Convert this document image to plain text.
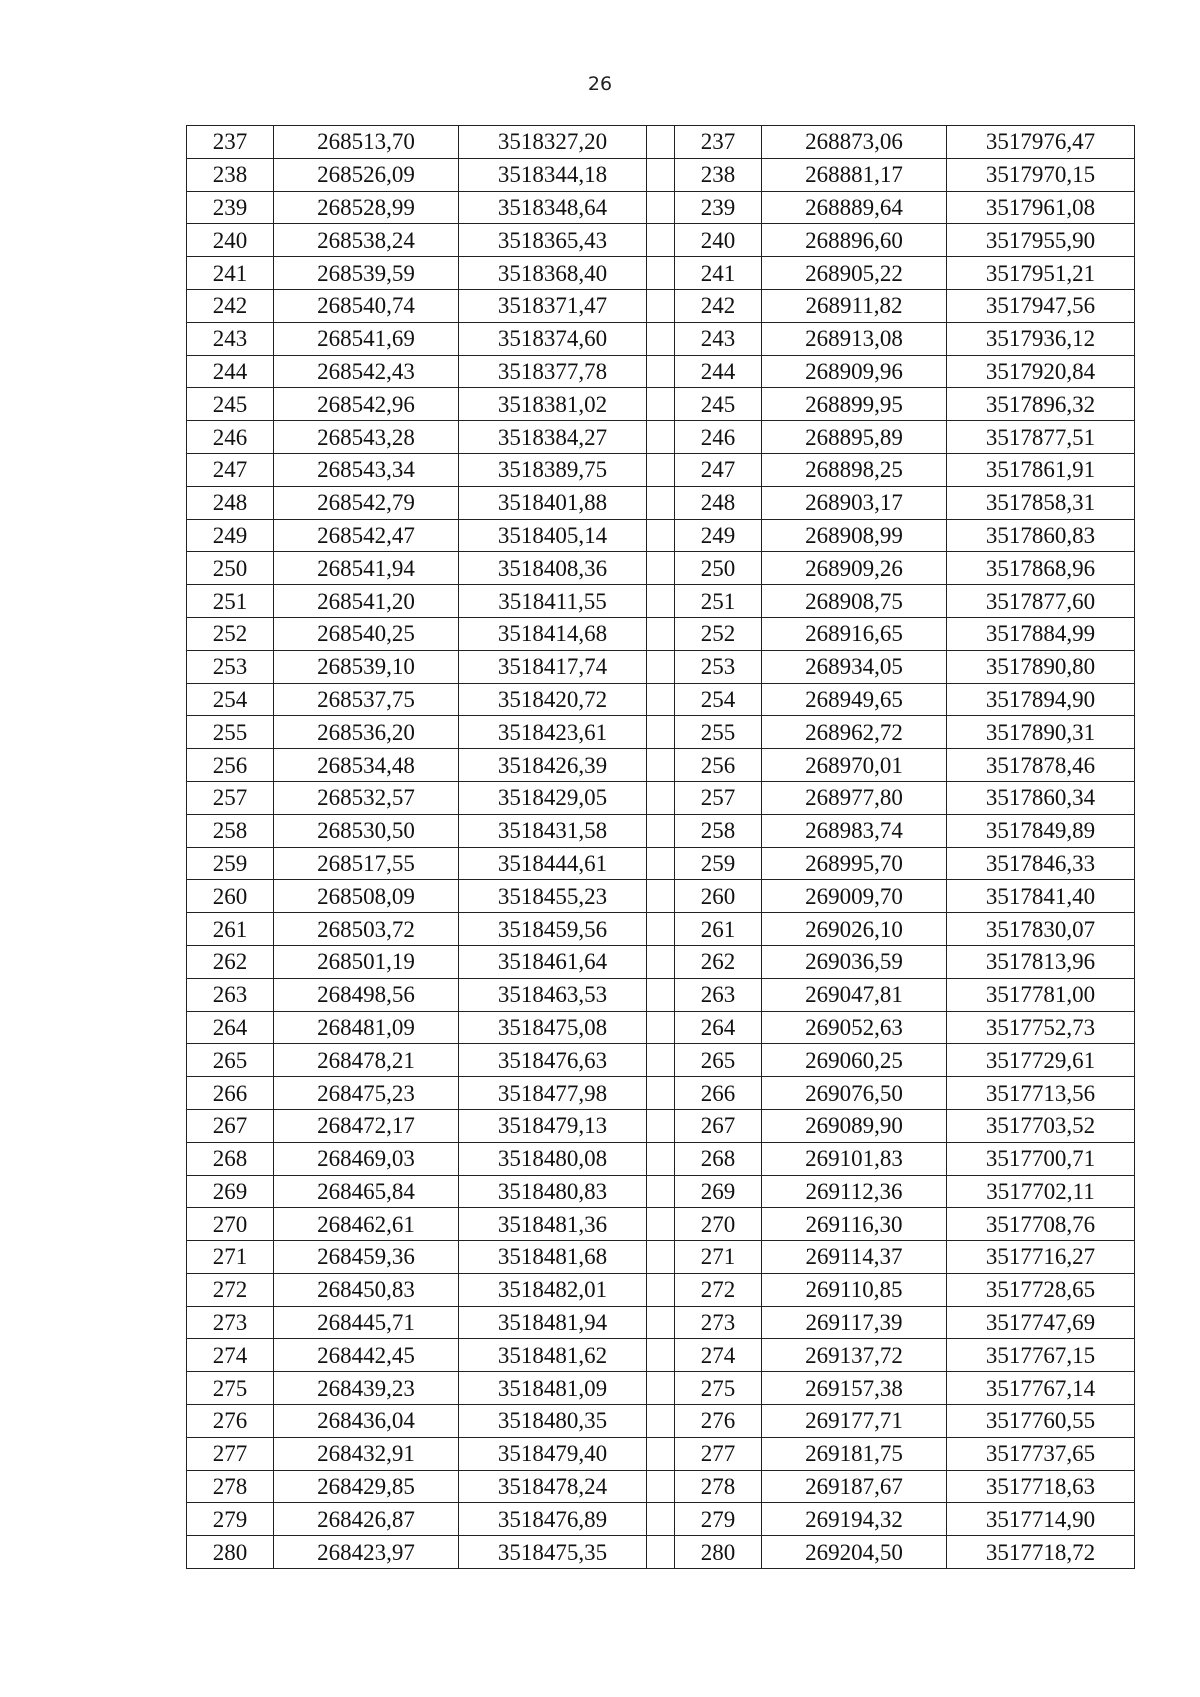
26
237	268513,70	3518327,20		237	268873,06	3517976,47
238	268526,09	3518344,18		238	268881,17	3517970,15
239	268528,99	3518348,64		239	268889,64	3517961,08
240	268538,24	3518365,43		240	268896,60	3517955,90
241	268539,59	3518368,40		241	268905,22	3517951,21
242	268540,74	3518371,47		242	268911,82	3517947,56
243	268541,69	3518374,60		243	268913,08	3517936,12
244	268542,43	3518377,78		244	268909,96	3517920,84
245	268542,96	3518381,02		245	268899,95	3517896,32
246	268543,28	3518384,27		246	268895,89	3517877,51
247	268543,34	3518389,75		247	268898,25	3517861,91
248	268542,79	3518401,88		248	268903,17	3517858,31
249	268542,47	3518405,14		249	268908,99	3517860,83
250	268541,94	3518408,36		250	268909,26	3517868,96
251	268541,20	3518411,55		251	268908,75	3517877,60
252	268540,25	3518414,68		252	268916,65	3517884,99
253	268539,10	3518417,74		253	268934,05	3517890,80
254	268537,75	3518420,72		254	268949,65	3517894,90
255	268536,20	3518423,61		255	268962,72	3517890,31
256	268534,48	3518426,39		256	268970,01	3517878,46
257	268532,57	3518429,05		257	268977,80	3517860,34
258	268530,50	3518431,58		258	268983,74	3517849,89
259	268517,55	3518444,61		259	268995,70	3517846,33
260	268508,09	3518455,23		260	269009,70	3517841,40
261	268503,72	3518459,56		261	269026,10	3517830,07
262	268501,19	3518461,64		262	269036,59	3517813,96
263	268498,56	3518463,53		263	269047,81	3517781,00
264	268481,09	3518475,08		264	269052,63	3517752,73
265	268478,21	3518476,63		265	269060,25	3517729,61
266	268475,23	3518477,98		266	269076,50	3517713,56
267	268472,17	3518479,13		267	269089,90	3517703,52
268	268469,03	3518480,08		268	269101,83	3517700,71
269	268465,84	3518480,83		269	269112,36	3517702,11
270	268462,61	3518481,36		270	269116,30	3517708,76
271	268459,36	3518481,68		271	269114,37	3517716,27
272	268450,83	3518482,01		272	269110,85	3517728,65
273	268445,71	3518481,94		273	269117,39	3517747,69
274	268442,45	3518481,62		274	269137,72	3517767,15
275	268439,23	3518481,09		275	269157,38	3517767,14
276	268436,04	3518480,35		276	269177,71	3517760,55
277	268432,91	3518479,40		277	269181,75	3517737,65
278	268429,85	3518478,24		278	269187,67	3517718,63
279	268426,87	3518476,89		279	269194,32	3517714,90
280	268423,97	3518475,35		280	269204,50	3517718,72
